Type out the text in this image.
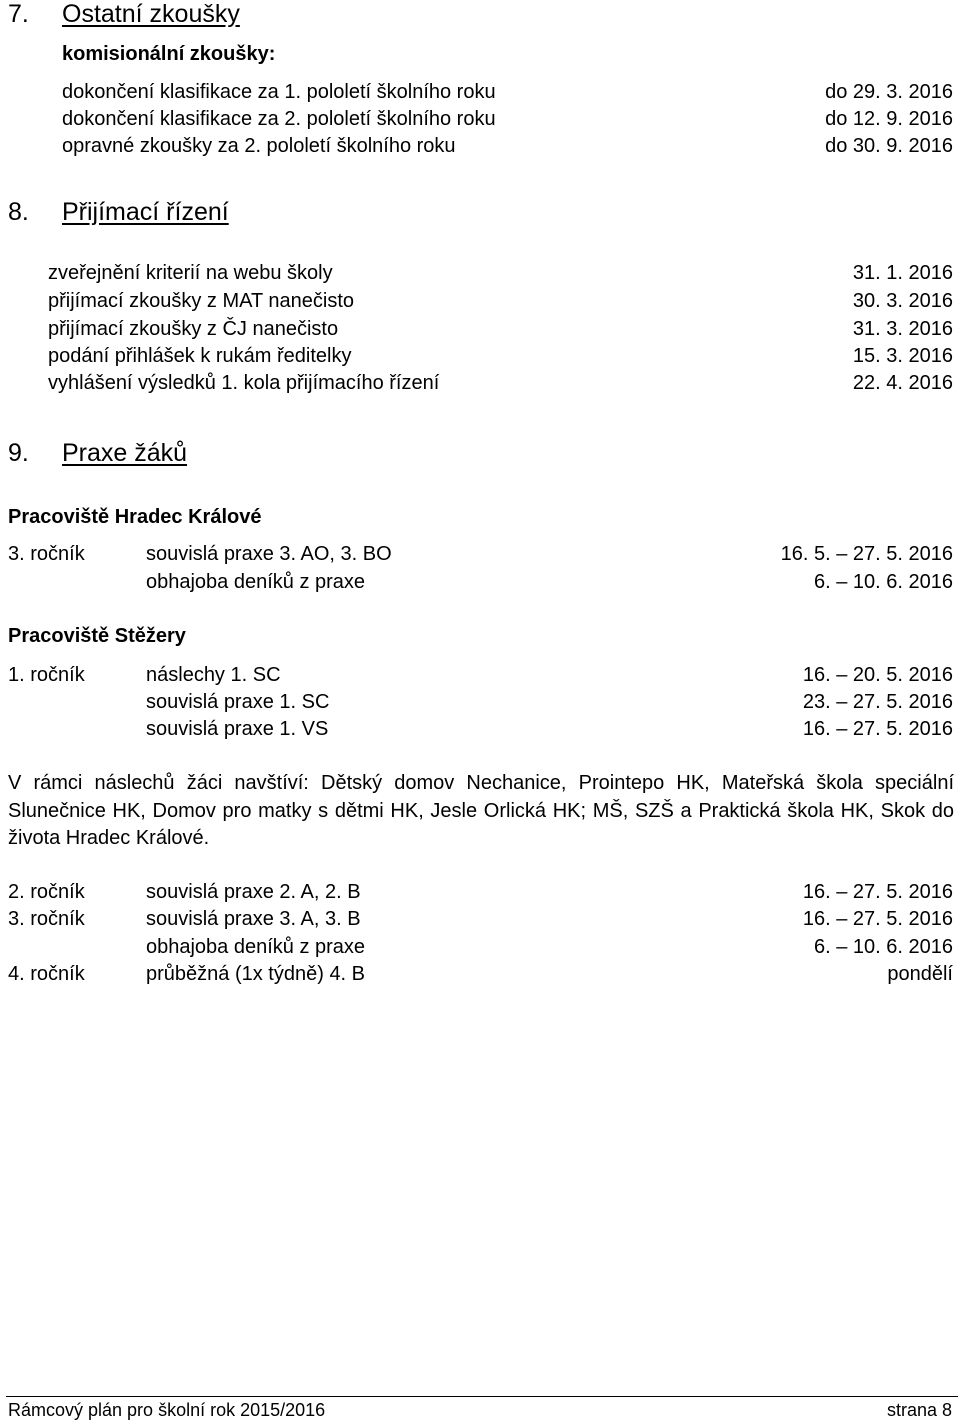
7. Ostatní zkoušky
komisionální zkoušky:
dokončení klasifikace za 1. pololetí školního roku	do 29. 3. 2016
dokončení klasifikace za 2. pololetí školního roku	do 12. 9. 2016
opravné zkoušky za 2. pololetí školního roku	do 30. 9. 2016
8. Přijímací řízení
zveřejnění kriterií na webu školy	31. 1. 2016
přijímací zkoušky z MAT nanečisto	30. 3. 2016
přijímací zkoušky z ČJ nanečisto	31. 3. 2016
podání přihlášek k rukám ředitelky	15. 3. 2016
vyhlášení výsledků 1. kola přijímacího řízení	22. 4. 2016
9. Praxe žáků
Pracoviště Hradec Králové
3. ročník	souvislá praxe 3. AO, 3. BO	16. 5. – 27. 5. 2016
obhajoba deníků z praxe	6. – 10. 6. 2016
Pracoviště Stěžery
1. ročník	náslechy 1. SC	16. – 20. 5. 2016
souvislá praxe 1. SC	23. – 27. 5. 2016
souvislá praxe 1. VS	16. – 27. 5. 2016
V rámci náslechů žáci navštíví: Dětský domov Nechanice, Prointepo HK, Mateřská škola speciální Slunečnice HK, Domov pro matky s dětmi HK, Jesle Orlická HK; MŠ, SZŠ a Praktická škola HK, Skok do života Hradec Králové.
2. ročník	souvislá praxe 2. A, 2. B	16. – 27. 5. 2016
3. ročník	souvislá praxe 3. A, 3. B	16. – 27. 5. 2016
obhajoba deníků z praxe	6. – 10. 6. 2016
4. ročník	průběžná (1x týdně) 4. B	pondělí
Rámcový plán pro školní rok 2015/2016	strana 8
